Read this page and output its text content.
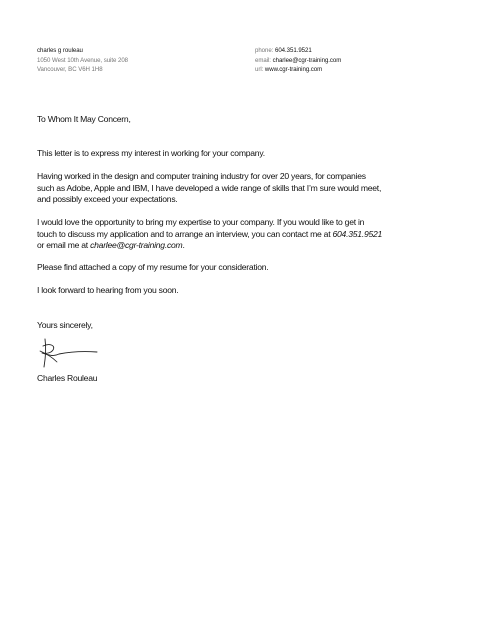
charles g rouleau
1050 West 10th Avenue, suite 208
Vancouver, BC V6H 1H8
phone: 604.351.9521
email: charlee@cgr-training.com
url: www.cgr-training.com

To Whom It May Concern,

This letter is to express my interest in working for your company.

Having worked in the design and computer training industry for over 20 years, for companies

such as Adobe, Apple and IBM, I have developed a wide range of skills that I’m sure would meet,

and possibly exceed your expectations.

I would love the opportunity to bring my expertise to your company. If you would like to get in

touch to discuss my application and to arrange an interview, you can contact me at 604.351.9521

or email me at charlee@cgr-training.com.

Please find attached a copy of my resume for your consideration.

I look forward to hearing from you soon.

Yours sincerely,

Charles Rouleau
